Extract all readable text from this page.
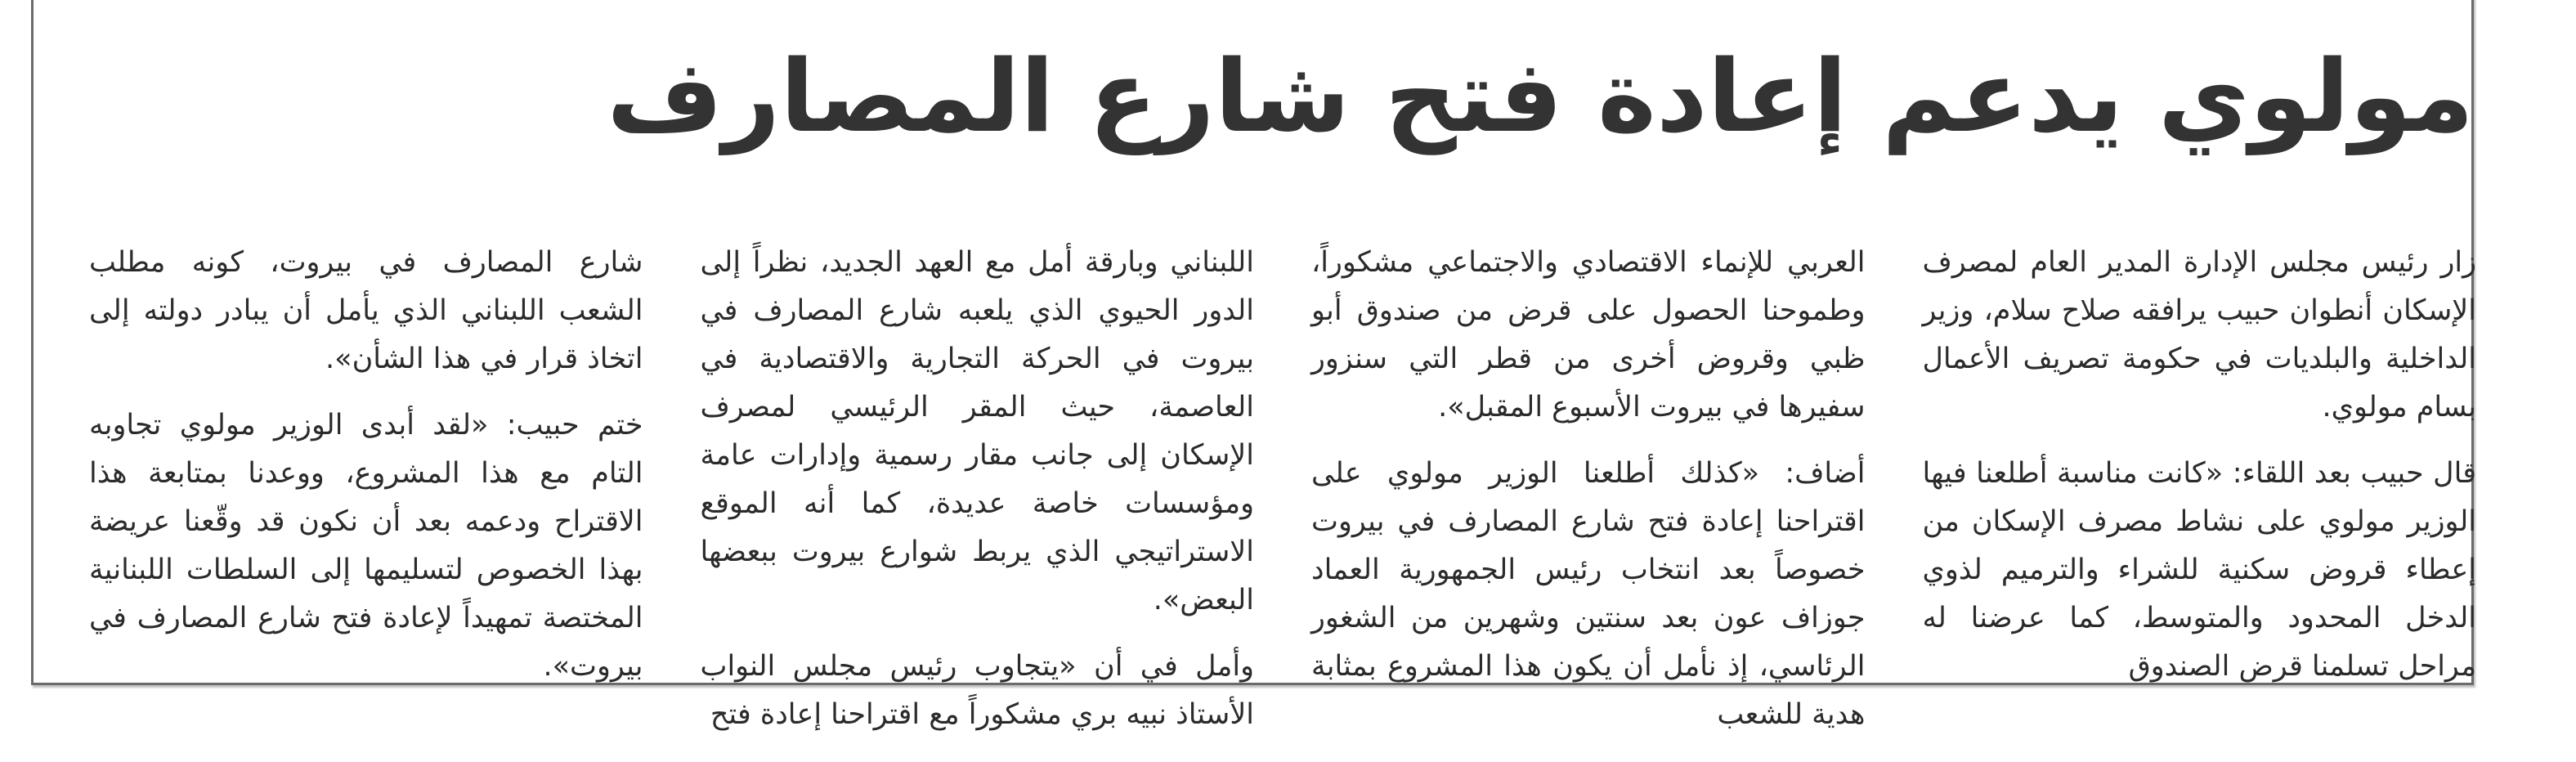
مولوي يدعم إعادة فتح شارع المصارف

زار رئيس مجلس الإدارة المدير العام لمصرف الإسكان أنطوان حبيب يرافقه صلاح سلام، وزير الداخلية والبلديات في حكومة تصريف الأعمال بسام مولوي.

قال حبيب بعد اللقاء: «كانت مناسبة أطلعنا فيها الوزير مولوي على نشاط مصرف الإسكان من إعطاء قروض سكنية للشراء والترميم لذوي الدخل المحدود والمتوسط، كما عرضنا له مراحل تسلمنا قرض الصندوق

العربي للإنماء الاقتصادي والاجتماعي مشكوراً، وطموحنا الحصول على قرض من صندوق أبو ظبي وقروض أخرى من قطر التي سنزور سفيرها في بيروت الأسبوع المقبل».

أضاف: «كذلك أطلعنا الوزير مولوي على اقتراحنا إعادة فتح شارع المصارف في بيروت خصوصاً بعد انتخاب رئيس الجمهورية العماد جوزاف عون بعد سنتين وشهرين من الشغور الرئاسي، إذ نأمل أن يكون هذا المشروع بمثابة هدية للشعب

اللبناني وبارقة أمل مع العهد الجديد، نظراً إلى الدور الحيوي الذي يلعبه شارع المصارف في بيروت في الحركة التجارية والاقتصادية في العاصمة، حيث المقر الرئيسي لمصرف الإسكان إلى جانب مقار رسمية وإدارات عامة ومؤسسات خاصة عديدة، كما أنه الموقع الاستراتيجي الذي يربط شوارع بيروت ببعضها البعض».

وأمل في أن «يتجاوب رئيس مجلس النواب الأستاذ نبيه بري مشكوراً مع اقتراحنا إعادة فتح

شارع المصارف في بيروت، كونه مطلب الشعب اللبناني الذي يأمل أن يبادر دولته إلى اتخاذ قرار في هذا الشأن».

ختم حبيب: «لقد أبدى الوزير مولوي تجاوبه التام مع هذا المشروع، ووعدنا بمتابعة هذا الاقتراح ودعمه بعد أن نكون قد وقّعنا عريضة بهذا الخصوص لتسليمها إلى السلطات اللبنانية المختصة تمهيداً لإعادة فتح شارع المصارف في بيروت».
